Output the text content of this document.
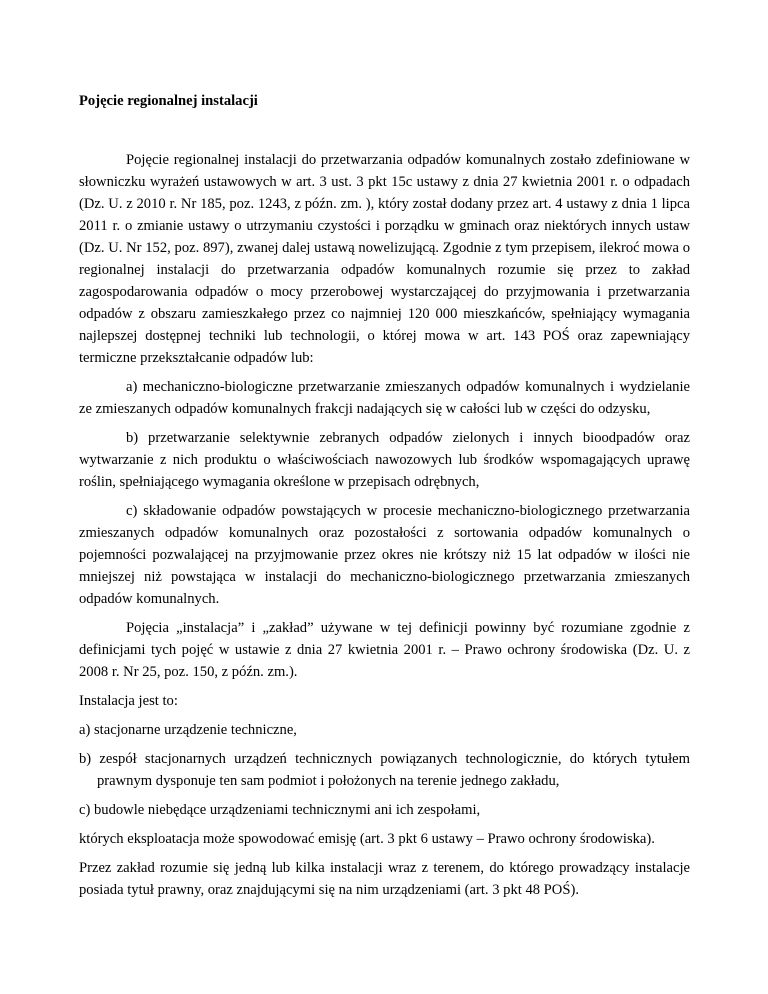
Pojęcie regionalnej instalacji

Pojęcie regionalnej instalacji do przetwarzania odpadów komunalnych zostało zdefiniowane w słowniczku wyrażeń ustawowych w art. 3 ust. 3 pkt 15c ustawy z dnia 27 kwietnia 2001 r. o odpadach (Dz. U. z 2010 r. Nr 185, poz. 1243, z późn. zm. ), który został dodany przez art. 4 ustawy z dnia 1 lipca 2011 r. o zmianie ustawy o utrzymaniu czystości i porządku w gminach oraz niektórych innych ustaw (Dz. U. Nr 152, poz. 897), zwanej dalej ustawą nowelizującą. Zgodnie z tym przepisem, ilekroć mowa o regionalnej instalacji do przetwarzania odpadów komunalnych rozumie się przez to zakład zagospodarowania odpadów o mocy przerobowej wystarczającej do przyjmowania i przetwarzania odpadów z obszaru zamieszkałego przez co najmniej 120 000 mieszkańców, spełniający wymagania najlepszej dostępnej techniki lub technologii, o której mowa w art. 143 POŚ oraz zapewniający termiczne przekształcanie odpadów lub:

a) mechaniczno-biologiczne przetwarzanie zmieszanych odpadów komunalnych i wydzielanie ze zmieszanych odpadów komunalnych frakcji nadających się w całości lub w części do odzysku,

b) przetwarzanie selektywnie zebranych odpadów zielonych i innych bioodpadów oraz wytwarzanie z nich produktu o właściwościach nawozowych lub środków wspomagających uprawę roślin, spełniającego wymagania określone w przepisach odrębnych,

c) składowanie odpadów powstających w procesie mechaniczno-biologicznego przetwarzania zmieszanych odpadów komunalnych oraz pozostałości z sortowania odpadów komunalnych o pojemności pozwalającej na przyjmowanie przez okres nie krótszy niż 15 lat odpadów w ilości nie mniejszej niż powstająca w instalacji do mechaniczno-biologicznego przetwarzania zmieszanych odpadów komunalnych.

Pojęcia „instalacja” i „zakład” używane w tej definicji powinny być rozumiane zgodnie z definicjami tych pojęć w ustawie z dnia 27 kwietnia 2001 r. – Prawo ochrony środowiska (Dz. U. z 2008 r. Nr 25, poz. 150, z późn. zm.).

Instalacja jest to:

a) stacjonarne urządzenie techniczne,

b) zespół stacjonarnych urządzeń technicznych powiązanych technologicznie, do których tytułem prawnym dysponuje ten sam podmiot i położonych na terenie jednego zakładu,

c) budowle niebędące urządzeniami technicznymi ani ich zespołami,

których eksploatacja może spowodować emisję (art. 3 pkt 6 ustawy – Prawo ochrony środowiska).

Przez zakład rozumie się jedną lub kilka instalacji wraz z terenem, do którego prowadzący instalacje posiada tytuł prawny, oraz znajdującymi się na nim urządzeniami (art. 3 pkt 48 POŚ).
